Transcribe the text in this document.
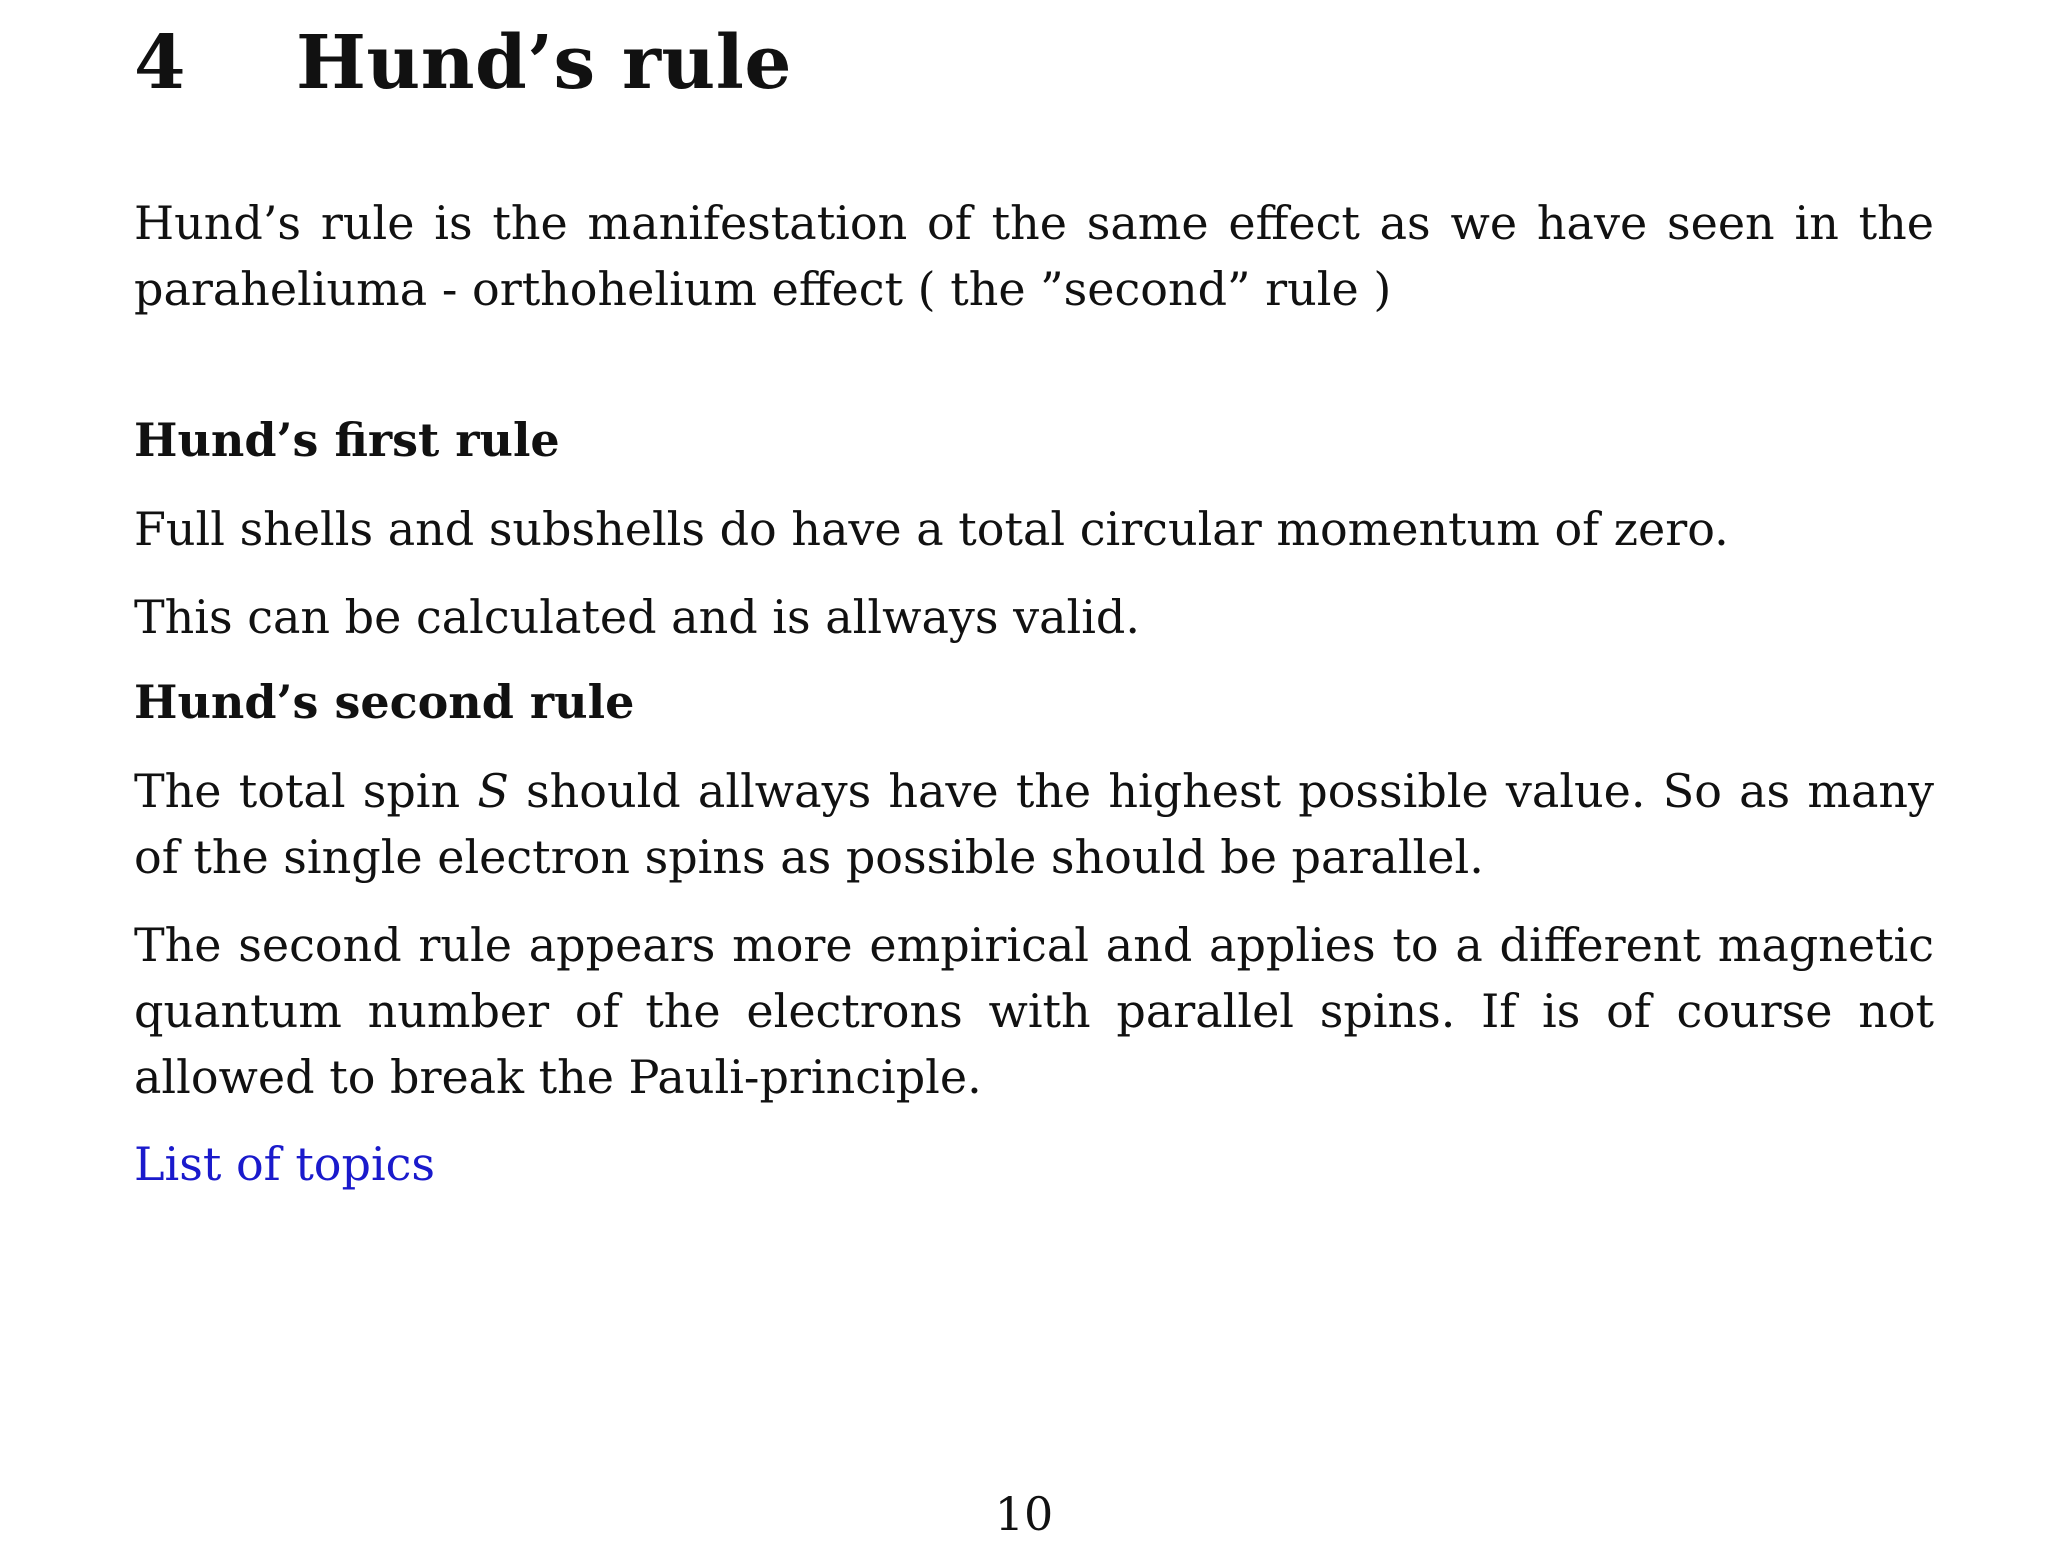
4	Hund’s rule

Hund’s rule is the manifestation of the same effect as we have seen in the paraheliuma - orthohelium effect ( the ”second” rule )

Hund’s first rule

Full shells and subshells do have a total circular momentum of zero.

This can be calculated and is allways valid.

Hund’s second rule

The total spin S should allways have the highest possible value. So as many of the single electron spins as possible should be parallel.

The second rule appears more empirical and applies to a different magnetic quantum number of the electrons with parallel spins. If is of course not allowed to break the Pauli-principle.

List of topics
10
